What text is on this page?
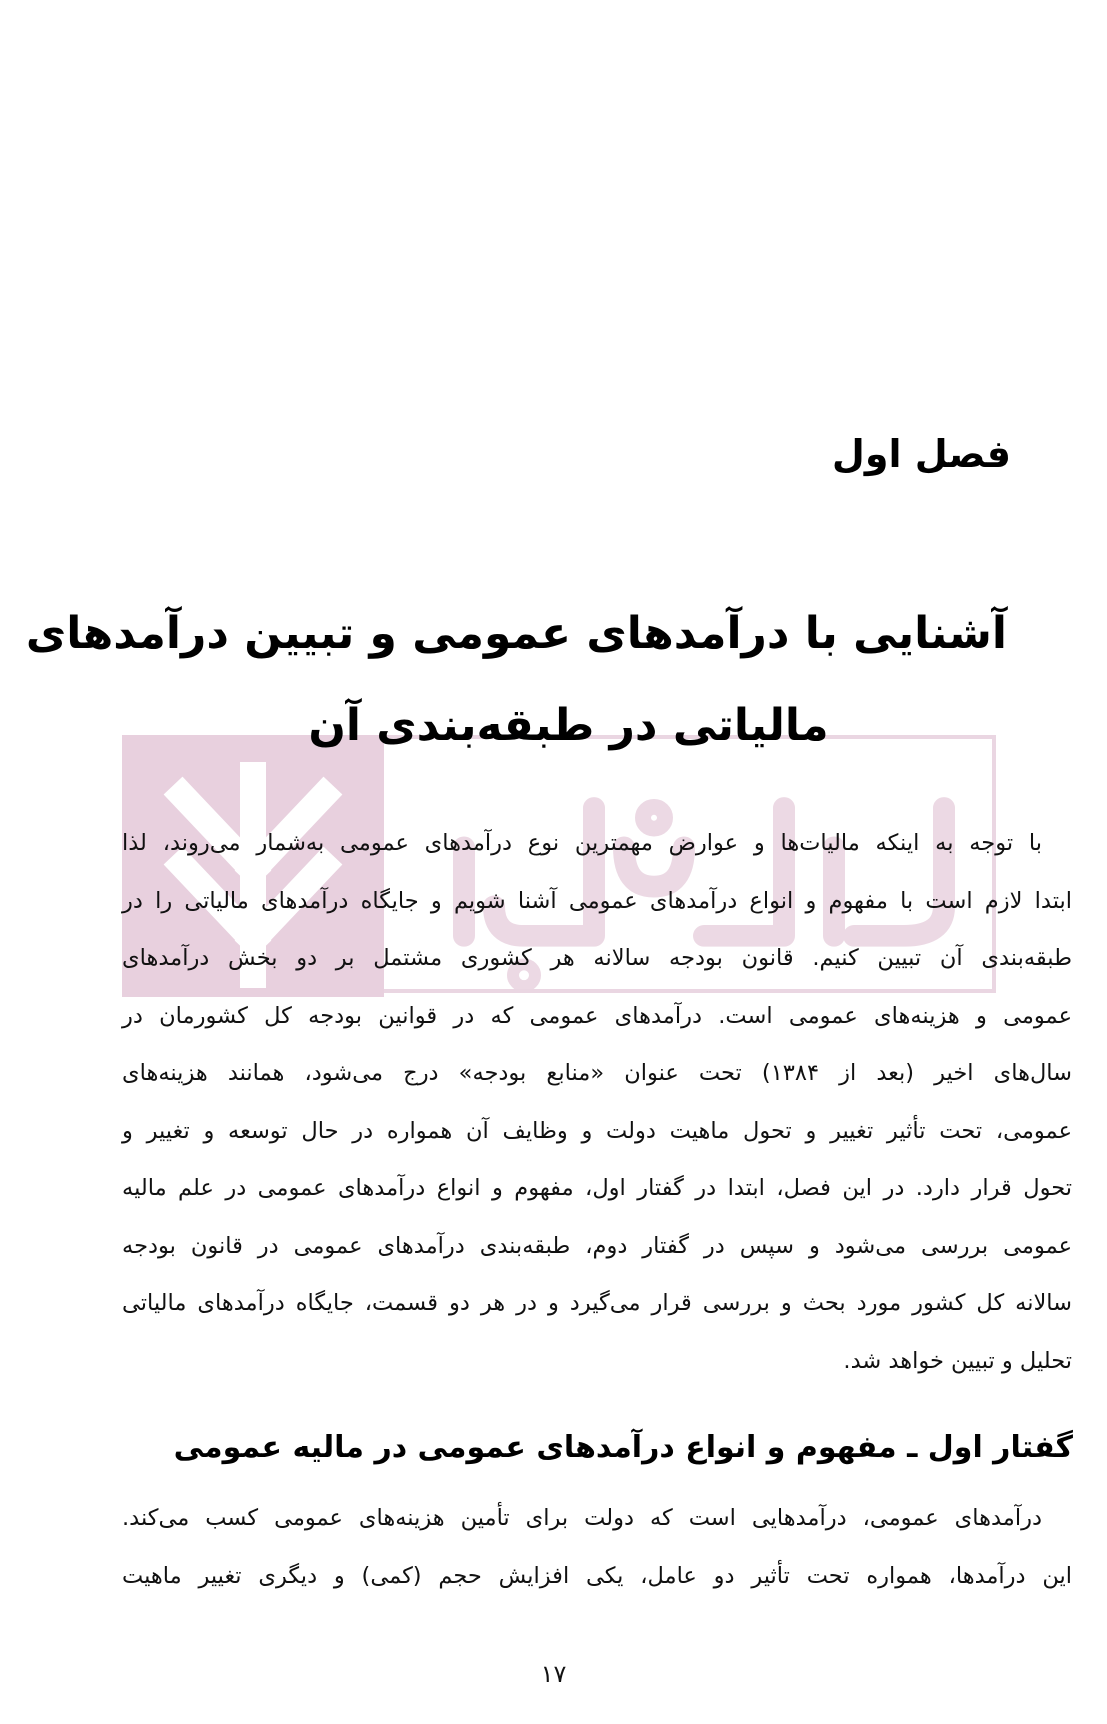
فصل اول
آشنایی با درآمدهای عمومی و تبیین درآمدهای
مالیاتی در طبقه‌بندی آن
با توجه به اینکه مالیات‌ها و عوارض مهمترین نوع درآمدهای عمومی به‌شمار می‌روند، لذا
ابتدا لازم است با مفهوم و انواع درآمدهای عمومی آشنا شویم و جایگاه درآمدهای مالیاتی را در
طبقه‌بندی آن تبیین کنیم. قانون بودجه سالانه هر کشوری مشتمل بر دو بخش درآمدهای
عمومی و هزینه‌های عمومی است. درآمدهای عمومی که در قوانین بودجه کل کشورمان در
سال‌های اخیر (بعد از ۱۳۸۴) تحت عنوان «منابع بودجه» درج می‌شود، همانند هزینه‌های
عمومی، تحت تأثیر تغییر و تحول ماهیت دولت و وظایف آن همواره در حال توسعه و تغییر و
تحول قرار دارد. در این فصل، ابتدا در گفتار اول، مفهوم و انواع درآمدهای عمومی در علم مالیه
عمومی بررسی می‌شود و سپس در گفتار دوم، طبقه‌بندی درآمدهای عمومی در قانون بودجه
سالانه کل کشور مورد بحث و بررسی قرار می‌گیرد و در هر دو قسمت، جایگاه درآمدهای مالیاتی
تحلیل و تبیین خواهد شد.
گفتار اول ـ مفهوم و انواع درآمدهای عمومی در مالیه عمومی
درآمدهای عمومی، درآمدهایی است که دولت برای تأمین هزینه‌های عمومی کسب می‌کند.
این درآمدها، همواره تحت تأثیر دو عامل، یکی افزایش حجم (کمی) و دیگری تغییر ماهیت
۱۷
